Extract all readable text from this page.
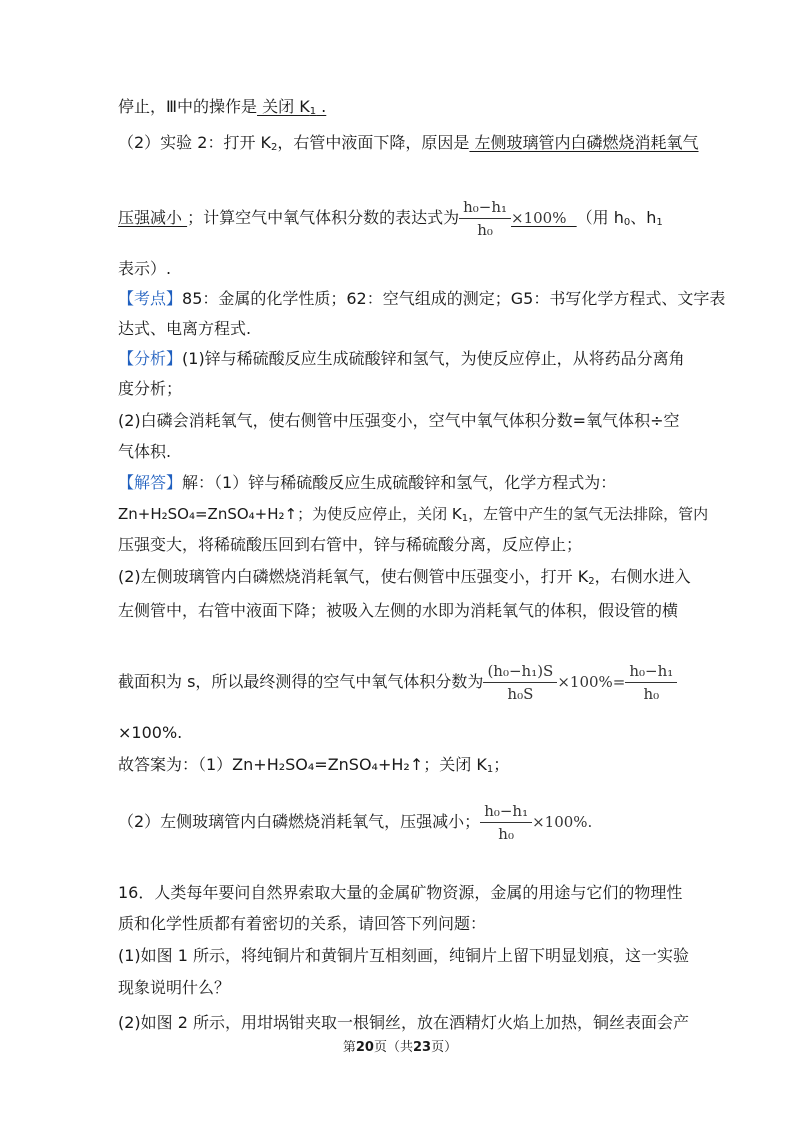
停止，Ⅲ中的操作是 关闭 $K_1$ .
（2）实验 2：打开 $K_2$，右管中液面下降，原因是 左侧玻璃管内白磷燃烧消耗氧气
压强减小 ；计算空气中氧气体积分数的表达式为 $\frac{\text{h₀−h₁}}{\text{h₀}} \times 100\%$ （用 $h_0$、$h_1$
表示）.
【考点】85：金属的化学性质；62：空气组成的测定；G5：书写化学方程式、文字表
达式、电离方程式.
【分析】(1)锌与稀硫酸反应生成硫酸锌和氢气，为使反应停止，从将药品分离角
度分析；
(2)白磷会消耗氧气，使右侧管中压强变小，空气中氧气体积分数=氧气体积÷空
气体积.
【解答】解：（1）锌与稀硫酸反应生成硫酸锌和氢气，化学方程式为：
Zn+H₂SO₄=ZnSO₄+H₂↑；为使反应停止，关闭 $K_1$，左管中产生的氢气无法排除，管内
压强变大，将稀硫酸压回到右管中，锌与稀硫酸分离，反应停止；
(2)左侧玻璃管内白磷燃烧消耗氧气，使右侧管中压强变小，打开 $K_2$，右侧水进入
左侧管中，右管中液面下降；被吸入左侧的水即为消耗氧气的体积，假设管的横
截面积为 s，所以最终测得的空气中氧气体积分数为 $\frac{\text{(h₀−h₁)S}}{\text{h₀S}} \times 100\%= \frac{\text{h₀−h₁}}{\text{h₀}}$
×100%.
故答案为：（1）Zn+H₂SO₄=ZnSO₄+H₂↑；关闭 $K_1$；
（2）左侧玻璃管内白磷燃烧消耗氧气，压强减小； $\frac{\text{h₀−h₁}}{\text{h₀}} \times 100\%$.
16．人类每年要问自然界索取大量的金属矿物资源，金属的用途与它们的物理性
质和化学性质都有着密切的关系，请回答下列问题：
(1)如图 1 所示，将纯铜片和黄铜片互相刻画，纯铜片上留下明显划痕，这一实验
现象说明什么？
(2)如图 2 所示，用坩埚钳夹取一根铜丝，放在酒精灯火焰上加热，铜丝表面会产
第20页（共23页）
